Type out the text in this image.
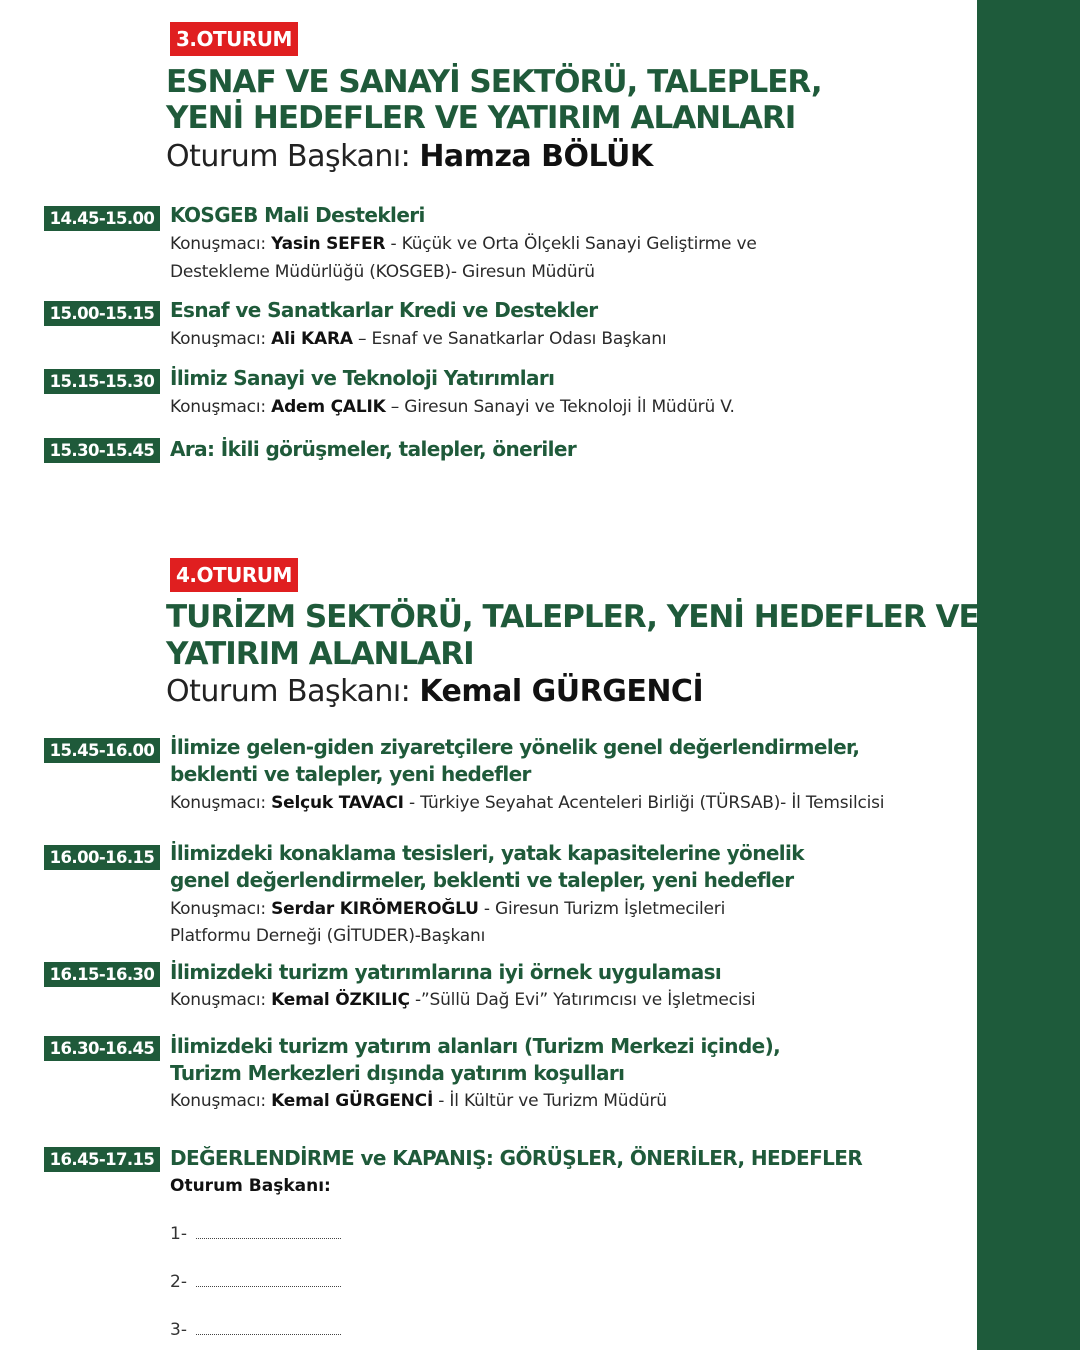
3.OTURUM
ESNAF VE SANAYİ SEKTÖRÜ, TALEPLER,
YENİ HEDEFLER VE YATIRIM ALANLARI
Oturum Başkanı: Hamza BÖLÜK
14.45-15.00 KOSGEB Mali Destekleri
Konuşmacı: Yasin SEFER - Küçük ve Orta Ölçekli Sanayi Geliştirme ve
Destekleme Müdürlüğü (KOSGEB)- Giresun Müdürü
15.00-15.15 Esnaf ve Sanatkarlar Kredi ve Destekler
Konuşmacı: Ali KARA – Esnaf ve Sanatkarlar Odası Başkanı
15.15-15.30 İlimiz Sanayi ve Teknoloji Yatırımları
Konuşmacı: Adem ÇALIK – Giresun Sanayi ve Teknoloji İl Müdürü V.
15.30-15.45 Ara: İkili görüşmeler, talepler, öneriler
4.OTURUM
TURİZM SEKTÖRÜ, TALEPLER, YENİ HEDEFLER VE
YATIRIM ALANLARI
Oturum Başkanı: Kemal GÜRGENCİ
15.45-16.00 İlimize gelen-giden ziyaretçilere yönelik genel değerlendirmeler,
beklenti ve talepler, yeni hedefler
Konuşmacı: Selçuk TAVACI - Türkiye Seyahat Acenteleri Birliği (TÜRSAB)- İl Temsilcisi
16.00-16.15 İlimizdeki konaklama tesisleri, yatak kapasitelerine yönelik
genel değerlendirmeler, beklenti ve talepler, yeni hedefler
Konuşmacı: Serdar KIRÖMEROĞLU - Giresun Turizm İşletmecileri
Platformu Derneği (GİTUDER)-Başkanı
16.15-16.30 İlimizdeki turizm yatırımlarına iyi örnek uygulaması
Konuşmacı: Kemal ÖZKILIÇ -”Süllü Dağ Evi” Yatırımcısı ve İşletmecisi
16.30-16.45 İlimizdeki turizm yatırım alanları (Turizm Merkezi içinde),
Turizm Merkezleri dışında yatırım koşulları
Konuşmacı: Kemal GÜRGENCİ - İl Kültür ve Turizm Müdürü
16.45-17.15 DEĞERLENDİRME ve KAPANIŞ: GÖRÜŞLER, ÖNERİLER, HEDEFLER
Oturum Başkanı:
1-
2-
3-
